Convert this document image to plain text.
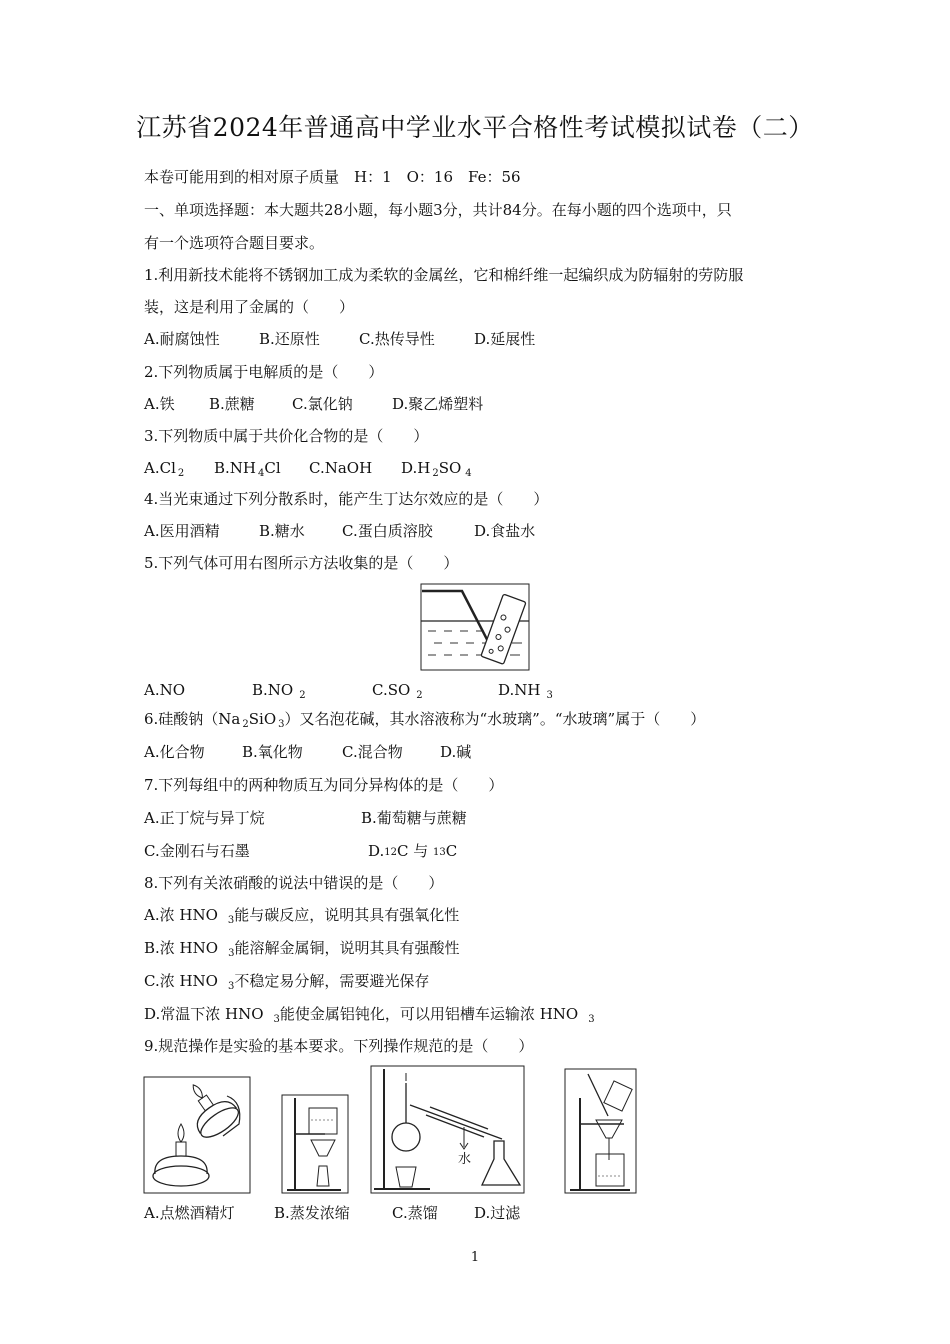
江苏省2024年普通高中学业水平合格性考试模拟试卷（二）
本卷可能用到的相对原子质量　H：1　O：16　Fe：56
一、单项选择题：本大题共28小题，每小题3分，共计84分。在每小题的四个选项中，只
有一个选项符合题目要求。
1.利用新技术能将不锈钢加工成为柔软的金属丝，它和棉纤维一起编织成为防辐射的劳防服
装，这是利用了金属的（　　）
A.耐腐蚀性	B.还原性	C.热传导性	D.延展性
2.下列物质属于电解质的是（　　）
A.铁 B.蔗糖 C.氯化钠	D.聚乙烯塑料
3.下列物质中属于共价化合物的是（　　）
A.Cl $_2$ B.NH $_4$Cl C.NaOH D.H $_2$SO $_4$
4.当光束通过下列分散系时，能产生丁达尔效应的是（　　）
A.医用酒精	B.糖水 C.蛋白质溶胶	D.食盐水
5.下列气体可用右图所示方法收集的是（　　）
A.NO	B.NO $_2$	C.SO $_2$	D.NH $_3$
6.硅酸钠（Na $_2$SiO $_3$）又名泡花碱，其水溶液称为“水玻璃”。“水玻璃”属于（　　）
A.化合物 B.氧化物	C.混合物 D.碱
7.下列每组中的两种物质互为同分异构体的是（　　）
A.正丁烷与异丁烷	B.葡萄糖与蔗糖
C.金刚石与石墨	D.$^{12}$C 与 $^{13}$C
8.下列有关浓硝酸的说法中错误的是（　　）
A.浓 HNO $_3$能与碳反应，说明其具有强氧化性
B.浓 HNO $_3$能溶解金属铜，说明其具有强酸性
C.浓 HNO $_3$不稳定易分解，需要避光保存
D.常温下浓 HNO $_3$能使金属铝钝化，可以用铝槽车运输浓 HNO $_3$
9.规范操作是实验的基本要求。下列操作规范的是（　　）
水
A.点燃酒精灯	B.蒸发浓缩	C.蒸馏 D.过滤
1
